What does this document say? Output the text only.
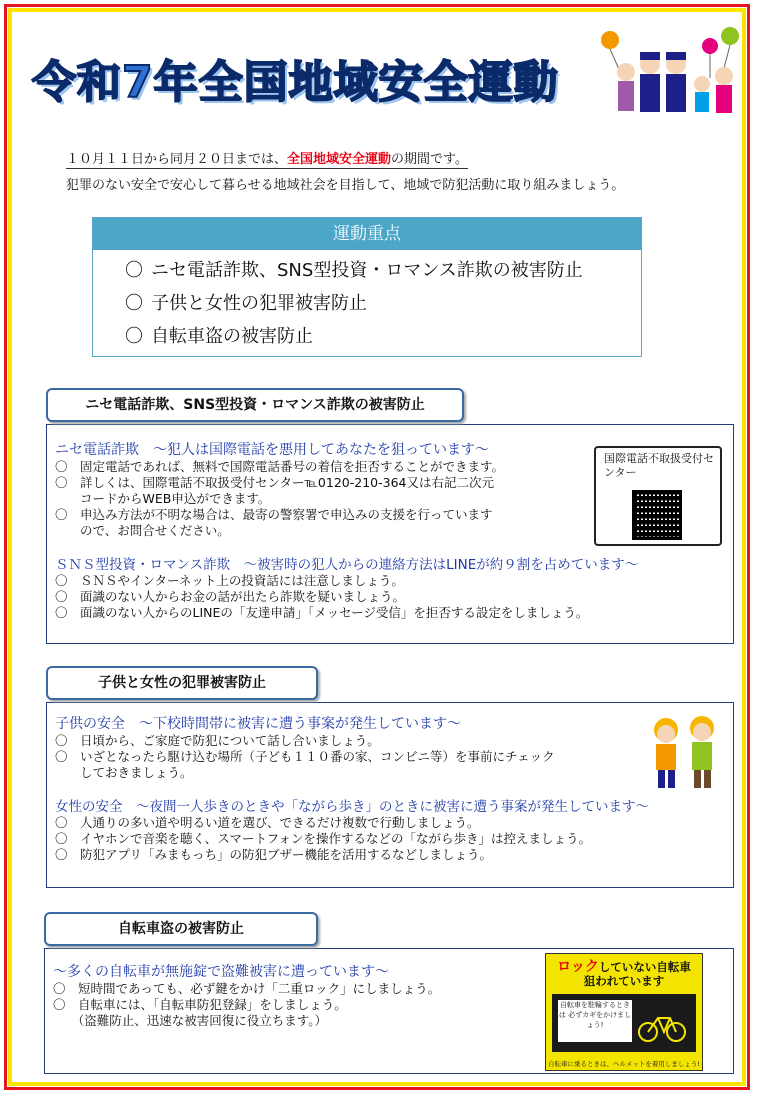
令和7年全国地域安全運動
１０月１１日から同月２０日までは、全国地域安全運動の期間です。
犯罪のない安全で安心して暮らせる地域社会を目指して、地域で防犯活動に取り組みましょう。
運動重点
〇 ニセ電話詐欺、SNS型投資・ロマンス詐欺の被害防止
〇 子供と女性の犯罪被害防止
〇 自転車盗の被害防止
ニセ電話詐欺　～犯人は国際電話を悪用してあなたを狙っています～
〇　固定電話であれば、無料で国際電話番号の着信を拒否することができます。
〇　詳しくは、国際電話不取扱受付センター℡0120-210-364又は右記二次元
　　コードからWEB申込ができます。
〇　申込み方法が不明な場合は、最寄の警察署で申込みの支援を行っています
　　ので、お問合せください。
ＳＮＳ型投資・ロマンス詐欺　～被害時の犯人からの連絡方法はLINEが約９割を占めています～
〇　ＳＮＳやインターネット上の投資話には注意しましょう。
〇　面識のない人からお金の話が出たら詐欺を疑いましょう。
〇　面識のない人からのLINEの「友達申請」「メッセージ受信」を拒否する設定をしましょう。
ニセ電話詐欺、SNS型投資・ロマンス詐欺の被害防止
国際電話不取扱受付センター
子供の安全　～下校時間帯に被害に遭う事案が発生しています～
〇　日頃から、ご家庭で防犯について話し合いましょう。
〇　いざとなったら駆け込む場所（子ども１１０番の家、コンビニ等）を事前にチェック
　　しておきましょう。
女性の安全　～夜間一人歩きのときや「ながら歩き」のときに被害に遭う事案が発生しています～
〇　人通りの多い道や明るい道を選び、できるだけ複数で行動しましょう。
〇　イヤホンで音楽を聴く、スマートフォンを操作するなどの「ながら歩き」は控えましょう。
〇　防犯アプリ「みまもっち」の防犯ブザー機能を活用するなどしましょう。
子供と女性の犯罪被害防止
～多くの自転車が無施錠で盗難被害に遭っています～
〇　短時間であっても、必ず鍵をかけ「二重ロック」にしましょう。
〇　自転車には、「自転車防犯登録」をしましょう。
　　（盗難防止、迅速な被害回復に役立ちます。）
自転車盗の被害防止
ロックしていない自転車
狙われています
自転車を駐輪するときは 必ずカギをかけましょう!
自転車に乗るときは、ヘルメットを着用しましょう!
